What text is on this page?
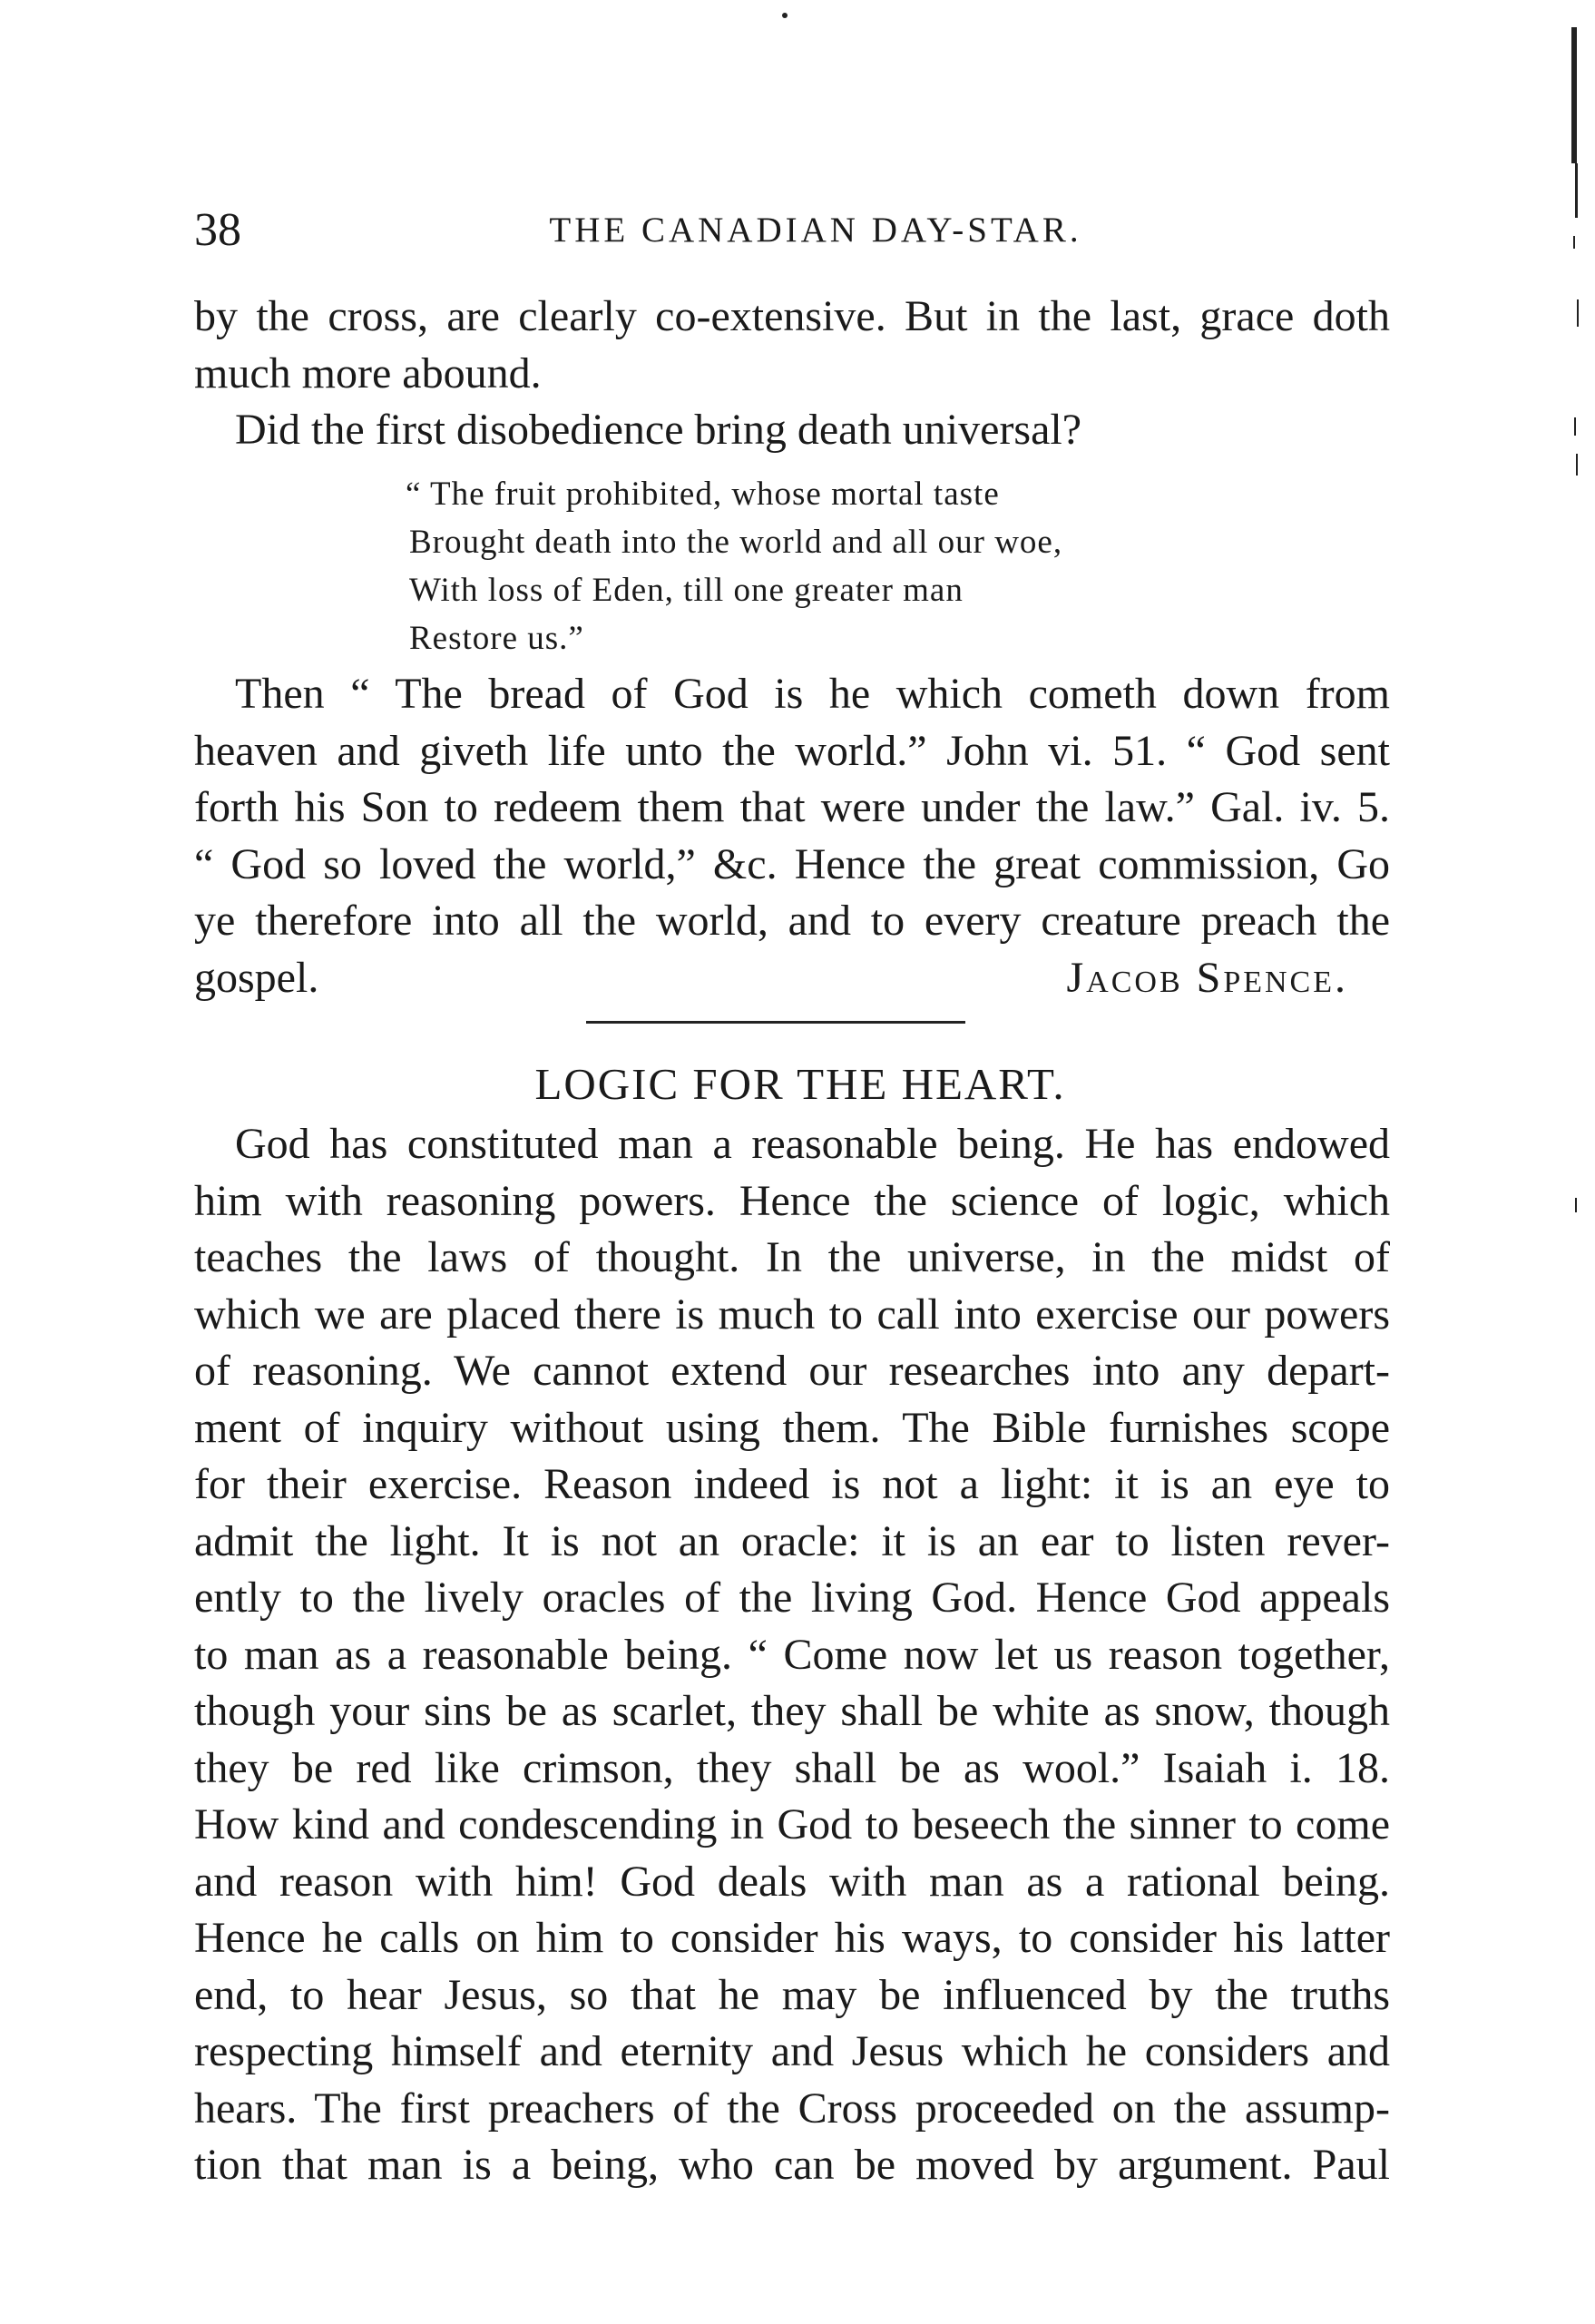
38	THE CANADIAN DAY-STAR.
by the cross, are clearly co-extensive. But in the last, grace doth
much more abound.
Did the first disobedience bring death universal?
“ The fruit prohibited, whose mortal taste
Brought death into the world and all our woe,
With loss of Eden, till one greater man
Restore us.”
Then “ The bread of God is he which cometh down from
heaven and giveth life unto the world.” John vi. 51. “ God sent
forth his Son to redeem them that were under the law.” Gal. iv. 5.
“ God so loved the world,” &c. Hence the great commission, Go
ye therefore into all the world, and to every creature preach the
gospel.	Jacob Spence.
LOGIC FOR THE HEART.
God has constituted man a reasonable being. He has endowed
him with reasoning powers. Hence the science of logic, which
teaches the laws of thought. In the universe, in the midst of
which we are placed there is much to call into exercise our powers
of reasoning. We cannot extend our researches into any depart-
ment of inquiry without using them. The Bible furnishes scope
for their exercise. Reason indeed is not a light: it is an eye to
admit the light. It is not an oracle: it is an ear to listen rever-
ently to the lively oracles of the living God. Hence God appeals
to man as a reasonable being. “ Come now let us reason together,
though your sins be as scarlet, they shall be white as snow, though
they be red like crimson, they shall be as wool.” Isaiah i. 18.
How kind and condescending in God to beseech the sinner to come
and reason with him! God deals with man as a rational being.
Hence he calls on him to consider his ways, to consider his latter
end, to hear Jesus, so that he may be influenced by the truths
respecting himself and eternity and Jesus which he considers and
hears. The first preachers of the Cross proceeded on the assump-
tion that man is a being, who can be moved by argument. Paul
